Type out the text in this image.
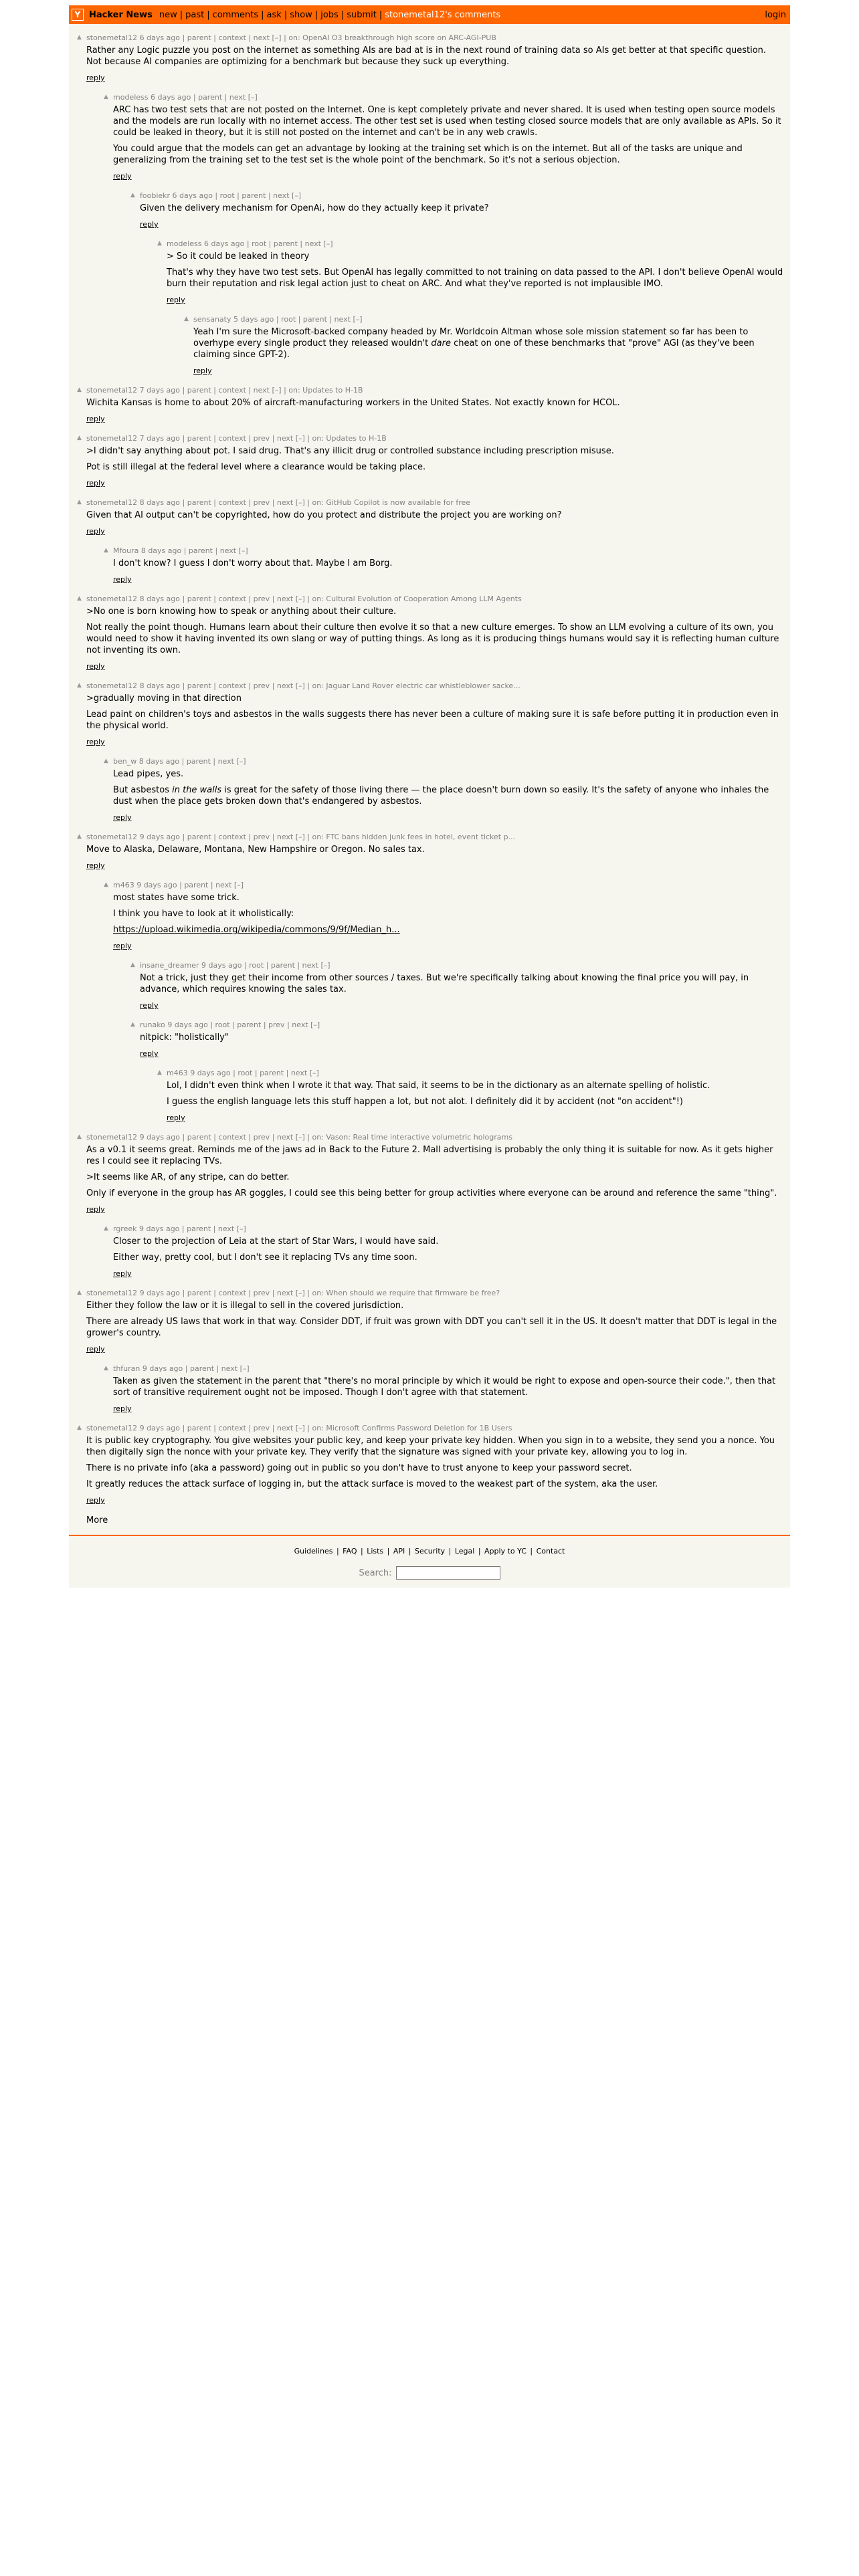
Y Hacker News new | past | comments | ask | show | jobs | submit | stonemetal12's comments	login
▲ stonemetal12 6 days ago | parent | context | next [–] | on: OpenAI O3 breakthrough high score on ARC-AGI-PUB
Rather any Logic puzzle you post on the internet as something AIs are bad at is in the next round of training data so AIs get better at that specific question. Not because AI companies are optimizing for a benchmark but because they suck up everything.
reply
▲ modeless 6 days ago | parent | next [–]
ARC has two test sets that are not posted on the Internet. One is kept completely private and never shared. It is used when testing open source models and the models are run locally with no internet access. The other test set is used when testing closed source models that are only available as APIs. So it could be leaked in theory, but it is still not posted on the internet and can't be in any web crawls.
You could argue that the models can get an advantage by looking at the training set which is on the internet. But all of the tasks are unique and generalizing from the training set to the test set is the whole point of the benchmark. So it's not a serious objection.
reply
▲ foobiekr 6 days ago | root | parent | next [–]
Given the delivery mechanism for OpenAi, how do they actually keep it private?
reply
▲ modeless 6 days ago | root | parent | next [–]
> So it could be leaked in theory
That's why they have two test sets. But OpenAI has legally committed to not training on data passed to the API. I don't believe OpenAI would burn their reputation and risk legal action just to cheat on ARC. And what they've reported is not implausible IMO.
reply
▲ sensanaty 5 days ago | root | parent | next [–]
Yeah I'm sure the Microsoft-backed company headed by Mr. Worldcoin Altman whose sole mission statement so far has been to overhype every single product they released wouldn't dare cheat on one of these benchmarks that "prove" AGI (as they've been claiming since GPT-2).
reply
▲ stonemetal12 7 days ago | parent | context | next [–] | on: Updates to H-1B
Wichita Kansas is home to about 20% of aircraft-manufacturing workers in the United States. Not exactly known for HCOL.
reply
▲ stonemetal12 7 days ago | parent | context | prev | next [–] | on: Updates to H-1B
>I didn't say anything about pot. I said drug. That's any illicit drug or controlled substance including prescription misuse.
Pot is still illegal at the federal level where a clearance would be taking place.
reply
▲ stonemetal12 8 days ago | parent | context | prev | next [–] | on: GitHub Copilot is now available for free
Given that AI output can't be copyrighted, how do you protect and distribute the project you are working on?
reply
▲ Mfoura 8 days ago | parent | next [–]
I don't know? I guess I don't worry about that. Maybe I am Borg.
reply
▲ stonemetal12 8 days ago | parent | context | prev | next [–] | on: Cultural Evolution of Cooperation Among LLM Agents
>No one is born knowing how to speak or anything about their culture.
Not really the point though. Humans learn about their culture then evolve it so that a new culture emerges. To show an LLM evolving a culture of its own, you would need to show it having invented its own slang or way of putting things. As long as it is producing things humans would say it is reflecting human culture not inventing its own.
reply
▲ stonemetal12 8 days ago | parent | context | prev | next [–] | on: Jaguar Land Rover electric car whistleblower sacke...
>gradually moving in that direction
Lead paint on children's toys and asbestos in the walls suggests there has never been a culture of making sure it is safe before putting it in production even in the physical world.
reply
▲ ben_w 8 days ago | parent | next [–]
Lead pipes, yes.
But asbestos in the walls is great for the safety of those living there — the place doesn't burn down so easily. It's the safety of anyone who inhales the dust when the place gets broken down that's endangered by asbestos.
reply
▲ stonemetal12 9 days ago | parent | context | prev | next [–] | on: FTC bans hidden junk fees in hotel, event ticket p...
Move to Alaska, Delaware, Montana, New Hampshire or Oregon. No sales tax.
reply
▲ m463 9 days ago | parent | next [–]
most states have some trick.
I think you have to look at it wholistically:
https://upload.wikimedia.org/wikipedia/commons/9/9f/Median_h...
reply
▲ insane_dreamer 9 days ago | root | parent | next [–]
Not a trick, just they get their income from other sources / taxes. But we're specifically talking about knowing the final price you will pay, in advance, which requires knowing the sales tax.
reply
▲ runako 9 days ago | root | parent | prev | next [–]
nitpick: "holistically"
reply
▲ m463 9 days ago | root | parent | next [–]
Lol, I didn't even think when I wrote it that way. That said, it seems to be in the dictionary as an alternate spelling of holistic.
I guess the english language lets this stuff happen a lot, but not alot. I definitely did it by accident (not "on accident"!)
reply
▲ stonemetal12 9 days ago | parent | context | prev | next [–] | on: Vason: Real time interactive volumetric holograms
As a v0.1 it seems great. Reminds me of the jaws ad in Back to the Future 2. Mall advertising is probably the only thing it is suitable for now. As it gets higher res I could see it replacing TVs.
>It seems like AR, of any stripe, can do better.
Only if everyone in the group has AR goggles, I could see this being better for group activities where everyone can be around and reference the same "thing".
reply
▲ rgreek 9 days ago | parent | next [–]
Closer to the projection of Leia at the start of Star Wars, I would have said.
Either way, pretty cool, but I don't see it replacing TVs any time soon.
reply
▲ stonemetal12 9 days ago | parent | context | prev | next [–] | on: When should we require that firmware be free?
Either they follow the law or it is illegal to sell in the covered jurisdiction.
There are already US laws that work in that way. Consider DDT, if fruit was grown with DDT you can't sell it in the US. It doesn't matter that DDT is legal in the grower's country.
reply
▲ thfuran 9 days ago | parent | next [–]
Taken as given the statement in the parent that "there's no moral principle by which it would be right to expose and open-source their code.", then that sort of transitive requirement ought not be imposed. Though I don't agree with that statement.
reply
▲ stonemetal12 9 days ago | parent | context | prev | next [–] | on: Microsoft Confirms Password Deletion for 1B Users
It is public key cryptography. You give websites your public key, and keep your private key hidden. When you sign in to a website, they send you a nonce. You then digitally sign the nonce with your private key. They verify that the signature was signed with your private key, allowing you to log in.
There is no private info (aka a password) going out in public so you don't have to trust anyone to keep your password secret.
It greatly reduces the attack surface of logging in, but the attack surface is moved to the weakest part of the system, aka the user.
reply
More
Guidelines | FAQ | Lists | API | Security | Legal | Apply to YC | Contact
Search:
